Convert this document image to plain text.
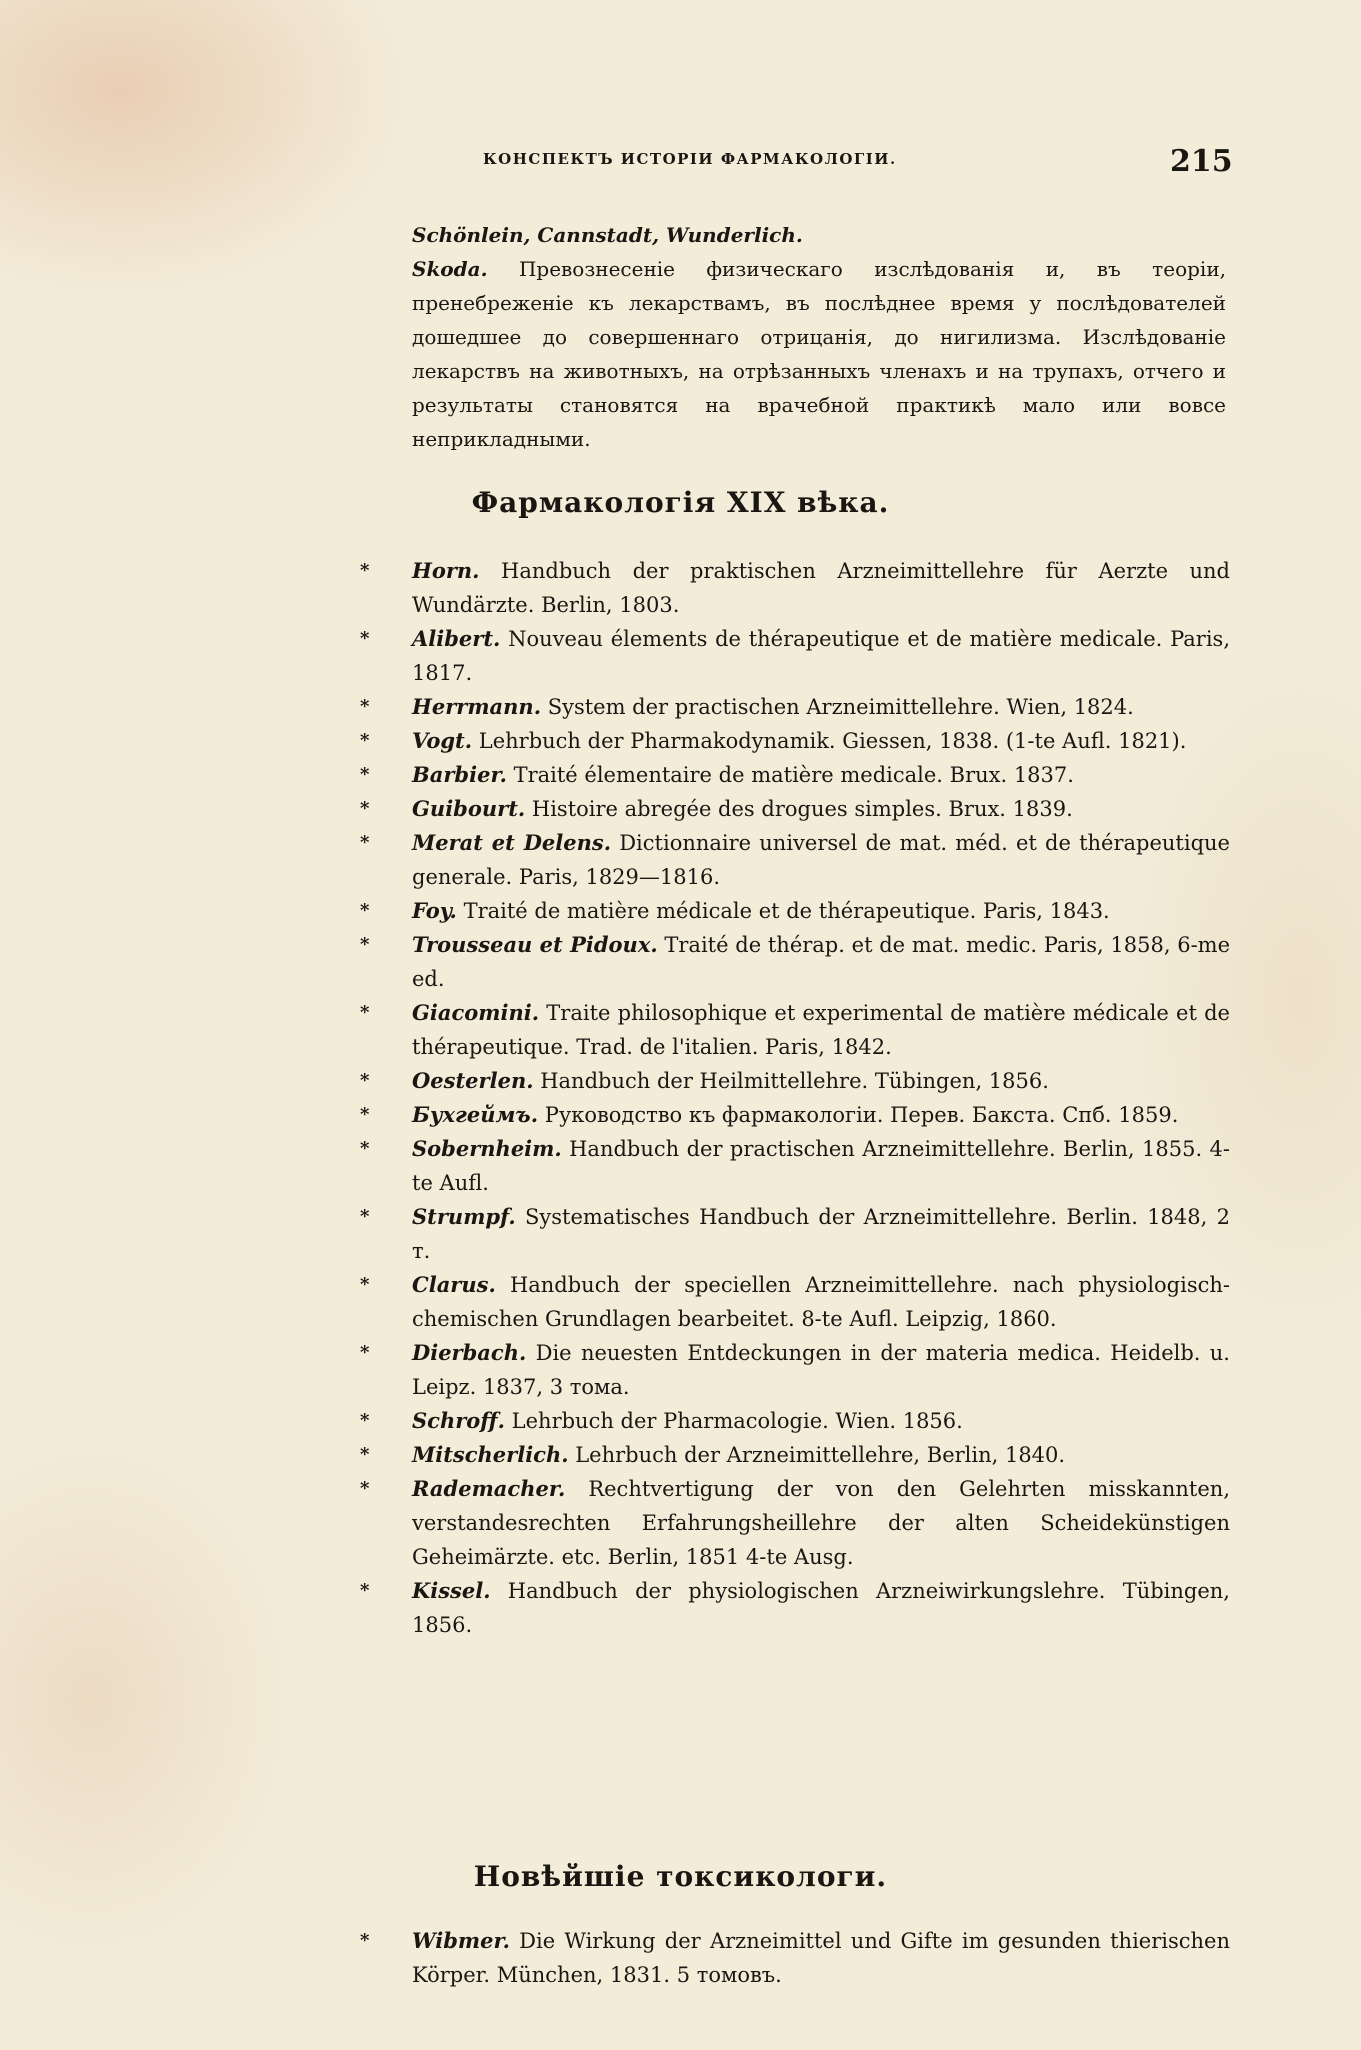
КОНСПЕКТЪ ИСТОРІИ ФАРМАКОЛОГІИ.	215

Schönlein, Cannstadt, Wunderlich.

Skoda. Превознесеніе физическаго изслѣдованія и, въ теоріи, пренебреженіе къ лекарствамъ, въ послѣднее время у послѣдователей дошедшее до совершеннаго отрицанія, до нигилизма. Изслѣдованіе лекарствъ на животныхъ, на отрѣзанныхъ членахъ и на трупахъ, отчего и результаты становятся на врачебной практикѣ мало или вовсе неприкладными.

Фармакологія XIX вѣка.
* Horn. Handbuch der praktischen Arzneimittellehre für Aerzte und Wundärzte. Berlin, 1803.
* Alibert. Nouveau élements de thérapeutique et de matière medicale. Paris, 1817.
* Herrmann. System der practischen Arzneimittellehre. Wien, 1824.
* Vogt. Lehrbuch der Pharmakodynamik. Giessen, 1838. (1-te Aufl. 1821).
* Barbier. Traité élementaire de matière medicale. Brux. 1837.
* Guibourt. Histoire abregée des drogues simples. Brux. 1839.
* Merat et Delens. Dictionnaire universel de mat. méd. et de thérapeutique generale. Paris, 1829—1816.
* Foy. Traité de matière médicale et de thérapeutique. Paris, 1843.
* Trousseau et Pidoux. Traité de thérap. et de mat. medic. Paris, 1858, 6-me ed.
* Giacomini. Traite philosophique et experimental de matière médicale et de thérapeutique. Trad. de l'italien. Paris, 1842.
* Oesterlen. Handbuch der Heilmittellehre. Tübingen, 1856.
* Бухгеймъ. Руководство къ фармакологіи. Перев. Бакста. Спб. 1859.
* Sobernheim. Handbuch der practischen Arzneimittellehre. Berlin, 1855. 4-te Aufl.
* Strumpf. Systematisches Handbuch der Arzneimittellehre. Berlin. 1848, 2 т.
* Clarus. Handbuch der speciellen Arzneimittellehre. nach physiologisch-chemischen Grundlagen bearbeitet. 8-te Aufl. Leipzig, 1860.
* Dierbach. Die neuesten Entdeckungen in der materia medica. Heidelb. u. Leipz. 1837, 3 тома.
* Schroff. Lehrbuch der Pharmacologie. Wien. 1856.
* Mitscherlich. Lehrbuch der Arzneimittellehre, Berlin, 1840.
* Rademacher. Rechtvertigung der von den Gelehrten misskannten, verstandesrechten Erfahrungsheillehre der alten Scheidekünstigen Geheimärzte. etc. Berlin, 1851 4-te Ausg.
* Kissel. Handbuch der physiologischen Arzneiwirkungslehre. Tübingen, 1856.
Новѣйшіе токсикологи.
* Wibmer. Die Wirkung der Arzneimittel und Gifte im gesunden thierischen Körper. München, 1831. 5 томовъ.
